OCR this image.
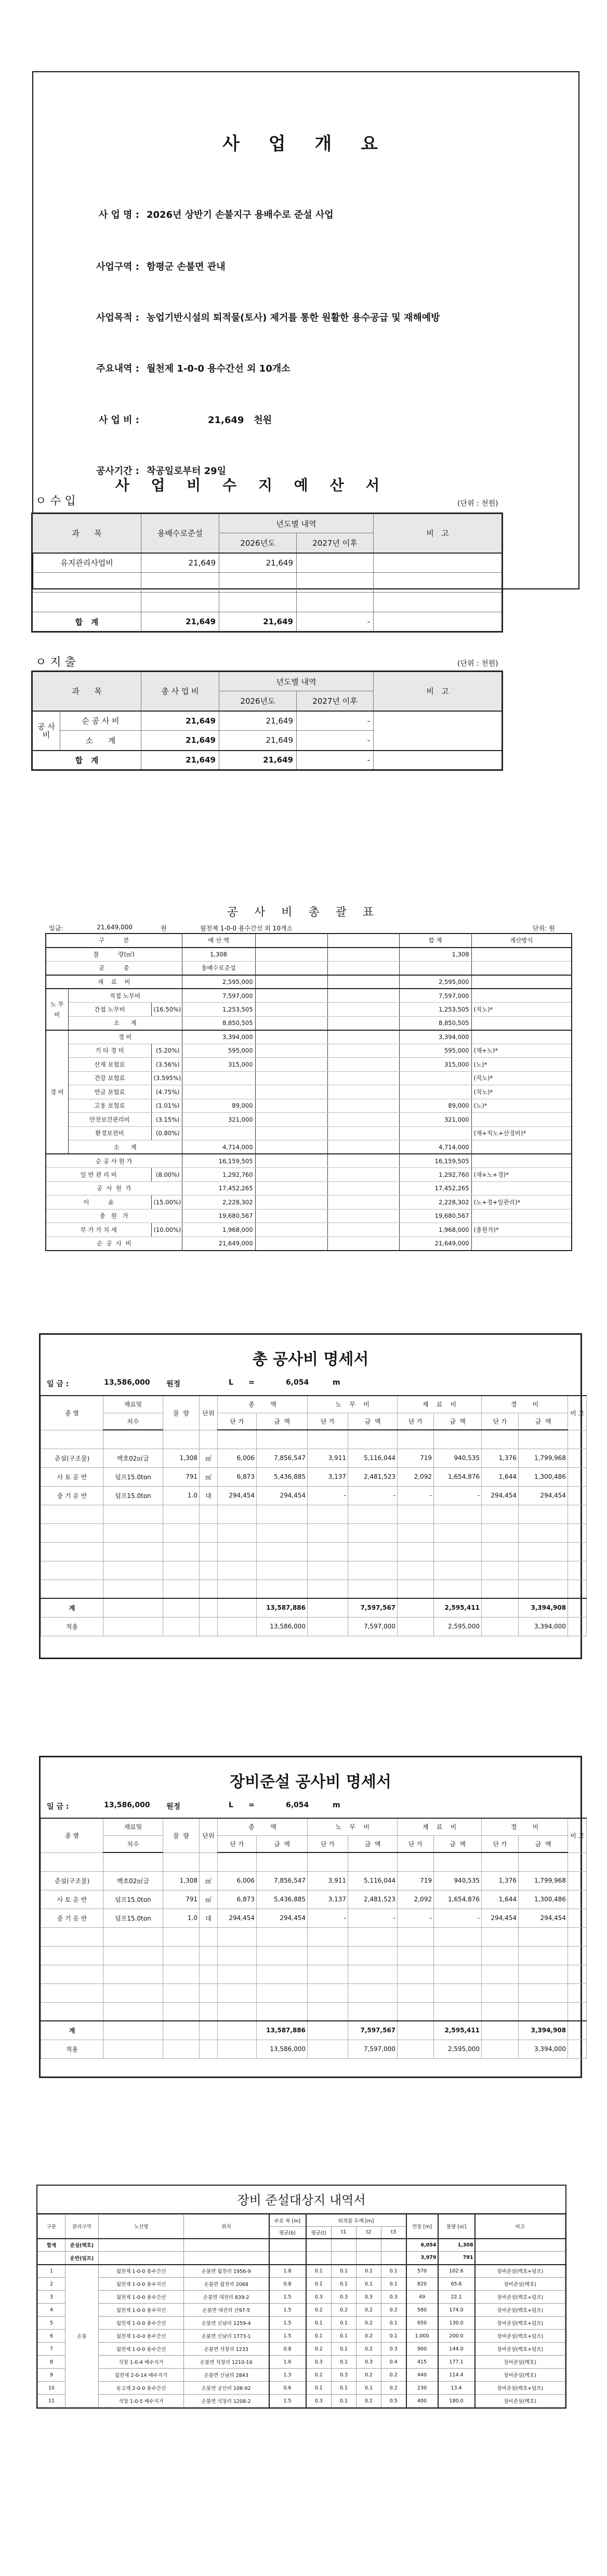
사 업 개 요
사 업 명 : 2026년 상반기 손불지구 용배수로 준설 사업
사업구역 : 함평군 손불면 관내
사업목적 : 농업기반시설의 퇴적물(토사) 제거를 통한 원활한 용수공급 및 재해예방
주요내역 : 월천제 1-0-0 용수간선 외 10개소
사 업 비 :	21,649   천원
공사기간 : 착공일로부터 29일
사 업 비 수 지 예 산 서
ㅇ 수 입	(단위 : 천원)
과      목	용배수로준설	년도별 내역		비   고
		2026년도	2027년 이후	
유지관리사업비	21,649	21,649		

합   계	21,649	21,649	-	
ㅇ 지 출	(단위 : 천원)
과      목		총 사 업 비	년도별 내역		비   고
			2026년도	2027년 이후	
공 사 비	순 공 사 비	21,649	21,649	-	
	소      계	21,649	21,649	-	
합   계		21,649	21,649	-	
공 사 비 총 괄 표
일금:	21,649,000	원	월천제 1-0-0 용수간선 외 10개소	단위: 원
구          분			예 산 액			합 계	계산방식
물          량(㎥)			1,308			1,308	
공          종			용배수로준설				
재    료    비			2,595,000			2,595,000	
노 무 비	직접 노무비		7,597,000			7,597,000	
	간접 노무비	(16.50%)	1,253,505			1,253,505	(직노)*
	소      계		8,850,505			8,850,505	
경 비	경 비		3,394,000			3,394,000	
	기 타 경 비	(5.20%)	595,000			595,000	(재+노)*
	산재 보험료	(3.56%)	315,000			315,000	(노)*
	건강 보험료	(3.595%)					(직노)*
	연금 보험료	(4.75%)					(직노)*
	고용 보험료	(1.01%)	89,000			89,000	(노)*
	안전보건관리비	(3.15%)	321,000			321,000	
	환경보전비	(0.80%)					(재+직노+산경비)*
	소      계		4,714,000			4,714,000	
순 공 사 원 가			16,159,505			16,159,505	
일 반 관 리 비		(8.00%)	1,292,760			1,292,760	(재+노+경)*
공  사  원  가			17,452,265			17,452,265	
이          윤		(15.00%)	2,228,302			2,228,302	(노+경+일관리)*
총   원   가			19,680,567			19,680,567	
부 가 가 치 세		(10.00%)	1,968,000			1,968,000	(총원가)*
순  공  사  비			21,649,000			21,649,000	
총 공사비 명세서
일 금 :	13,586,000	원정	L      =	6,054	m
종 별	재료및	물  량	단위	총        액		노    무    비		재    료    비		경        비		비 고
	치수			단 가	금  액	단 가	금  액	단 가	금  액	단 가	금  액	

준설(구조물)	백호02㎥급	1,308	㎥	6,006	7,856,547	3,911	5,116,044	719	940,535	1,376	1,799,968	
사 토 운 반	덤프15.0ton	791	㎥	6,873	5,436,885	3,137	2,481,523	2,092	1,654,876	1,644	1,300,486	
중 기 운 반	덤프15.0ton	1.0	대	294,454	294,454	-	-	-	-	294,454	294,454	

계					13,587,886		7,597,567		2,595,411		3,394,908	
적용					13,586,000		7,597,000		2,595,000		3,394,000	
장비준설 공사비 명세서
일 금 :	13,586,000	원정	L      =	6,054	m
종 별	재료및	물  량	단위	총        액		노    무    비		재    료    비		경        비		비 고
	치수			단 가	금  액	단 가	금  액	단 가	금  액	단 가	금  액	

준설(구조물)	백호02㎥급	1,308	㎥	6,006	7,856,547	3,911	5,116,044	719	940,535	1,376	1,799,968	
사 토 운 반	덤프15.0ton	791	㎥	6,873	5,436,885	3,137	2,481,523	2,092	1,654,876	1,644	1,300,486	
중 기 운 반	덤프15.0ton	1.0	대	294,454	294,454	-	-	-	-	294,454	294,454	

계					13,587,886		7,597,567		2,595,411		3,394,908	
적용					13,586,000		7,597,000		2,595,000		3,394,000	
장비 준설대상지 내역서
구분	관리구역	노선명	위치	수로 폭 [m]	퇴적물 두께 [m]				연장 [m]	물량 [㎥]	비고
				평균(b)	평균(t)	t1	t2	t3			
합계	준설(백호)								6,054	1,308	
	운반(덤프)								3,979	791	
1	손불	월천제 1-0-0 용수간선	손불면 월천리 1956-9	1.8	0.1	0.1	0.1	0.1	570	102.6	장비준설(백호+덤프)
2		월천제 1-0-0 용수지선	손불면 월천리 2068	0.8	0.1	0.1	0.1	0.1	820	65.6	장비준설(백호)
3		월천제 1-0-0 용수간선	손불면 대전리 839-2	1.5	0.3	0.3	0.3	0.3	49	22.1	장비준설(백호+덤프)
4		월천제 1-0-0 용수지선	손불면 대전리 산97-5	1.5	0.2	0.2	0.2	0.2	580	174.0	장비준설(백호+덤프)
5		월천제 1-0-0 용수간선	손불면 신남리 1259-4	1.5	0.1	0.1	0.2	0.1	650	130.0	장비준설(백호+덤프)
6		월천제 1-0-0 용수간선	손불면 신남리 1773-1	1.5	0.1	0.1	0.2	0.1	1,000	200.0	장비준설(백호+덤프)
7		월천제 1-0-0 용수간선	손불면 석창리 1233	0.8	0.2	0.1	0.2	0.3	900	144.0	장비준설(백호+덤프)
8		석창 1-0-4 배수지거	손불면 석창리 1210-16	1.6	0.3	0.1	0.3	0.4	415	177.1	장비준설(백호)
9		월천제 2-0-14 배수지거	손불면 신남리 2843	1.3	0.2	0.3	0.2	0.2	440	114.4	장비준설(백호)
10		동고제 2-0-0 용수간선	손불면 궁산리 108-92	0.6	0.1	0.1	0.1	0.2	230	13.4	장비준설(백호+덤프)
11		석창 1-0-5 배수지거	손불면 석창리 1208-2	1.5	0.3	0.1	0.2	0.5	400	180.0	장비준설(백호)
